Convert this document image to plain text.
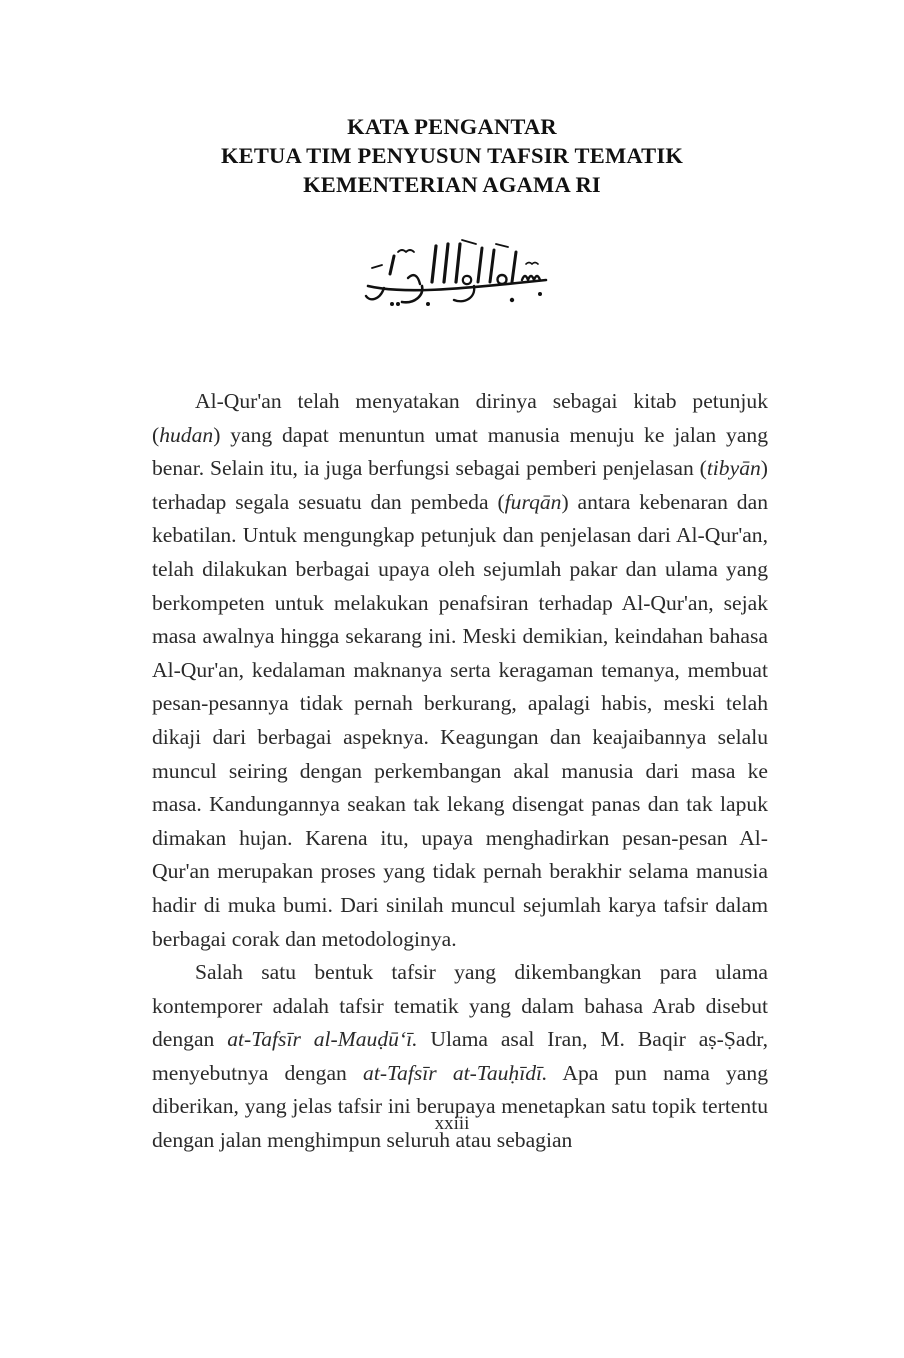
KATA PENGANTAR
KETUA TIM PENYUSUN TAFSIR TEMATIK
KEMENTERIAN AGAMA RI

Al-Qur'an telah menyatakan dirinya sebagai kitab petunjuk (hudan) yang dapat menuntun umat manusia menuju ke jalan yang benar. Selain itu, ia juga berfungsi sebagai pemberi penjelasan (tibyān) terhadap segala sesuatu dan pembeda (furqān) antara kebenaran dan kebatilan. Untuk mengungkap petunjuk dan penjelasan dari Al-Qur'an, telah dilakukan berbagai upaya oleh sejumlah pakar dan ulama yang berkompeten untuk melakukan penafsiran terhadap Al-Qur'an, sejak masa awalnya hingga sekarang ini. Meski demikian, keindahan bahasa Al-Qur'an, kedalaman maknanya serta keragaman temanya, membuat pesan-pesannya tidak pernah berkurang, apalagi habis, meski telah dikaji dari berbagai aspeknya. Keagungan dan keajaibannya selalu muncul seiring dengan perkembangan akal manusia dari masa ke masa. Kandungannya seakan tak lekang disengat panas dan tak lapuk dimakan hujan. Karena itu, upaya menghadirkan pesan-pesan Al-Qur'an merupakan proses yang tidak pernah berakhir selama manusia hadir di muka bumi. Dari sinilah muncul sejumlah karya tafsir dalam berbagai corak dan metodologinya.

Salah satu bentuk tafsir yang dikembangkan para ulama kontemporer adalah tafsir tematik yang dalam bahasa Arab disebut dengan at-Tafsīr al-Mauḍū‘ī. Ulama asal Iran, M. Baqir aṣ-Ṣadr, menyebutnya dengan at-Tafsīr at-Tauḥīdī. Apa pun nama yang diberikan, yang jelas tafsir ini berupaya menetapkan satu topik tertentu dengan jalan menghimpun seluruh atau sebagian

xxiii
